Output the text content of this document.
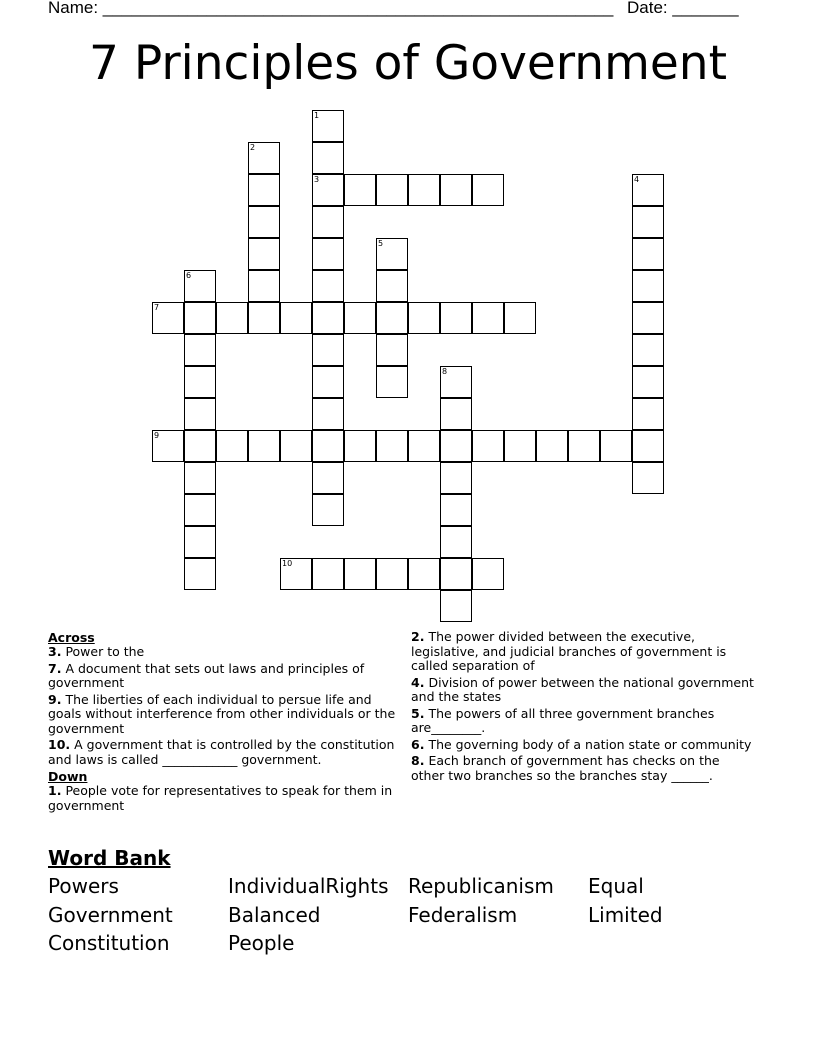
Name: ______________________________________________________ Date: _______
7 Principles of Government
1
3
2
4
5
6
7
8
9
10
Across
3. Power to the
7. A document that sets out laws and principles of government
9. The liberties of each individual to persue life and goals without interference from other individuals or the government
10. A government that is controlled by the constitution and laws is called ____________ government.
Down
1. People vote for representatives to speak for them in government
2. The power divided between the executive, legislative, and judicial branches of government is called separation of
4. Division of power between the national government and the states
5. The powers of all three government branches are________.
6. The governing body of a nation state or community
8. Each branch of government has checks on the other two branches so the branches stay ______.
Word Bank
Powers	IndividualRights Republicanism Equal
Government	Balanced	Federalism	Limited
Constitution	People
